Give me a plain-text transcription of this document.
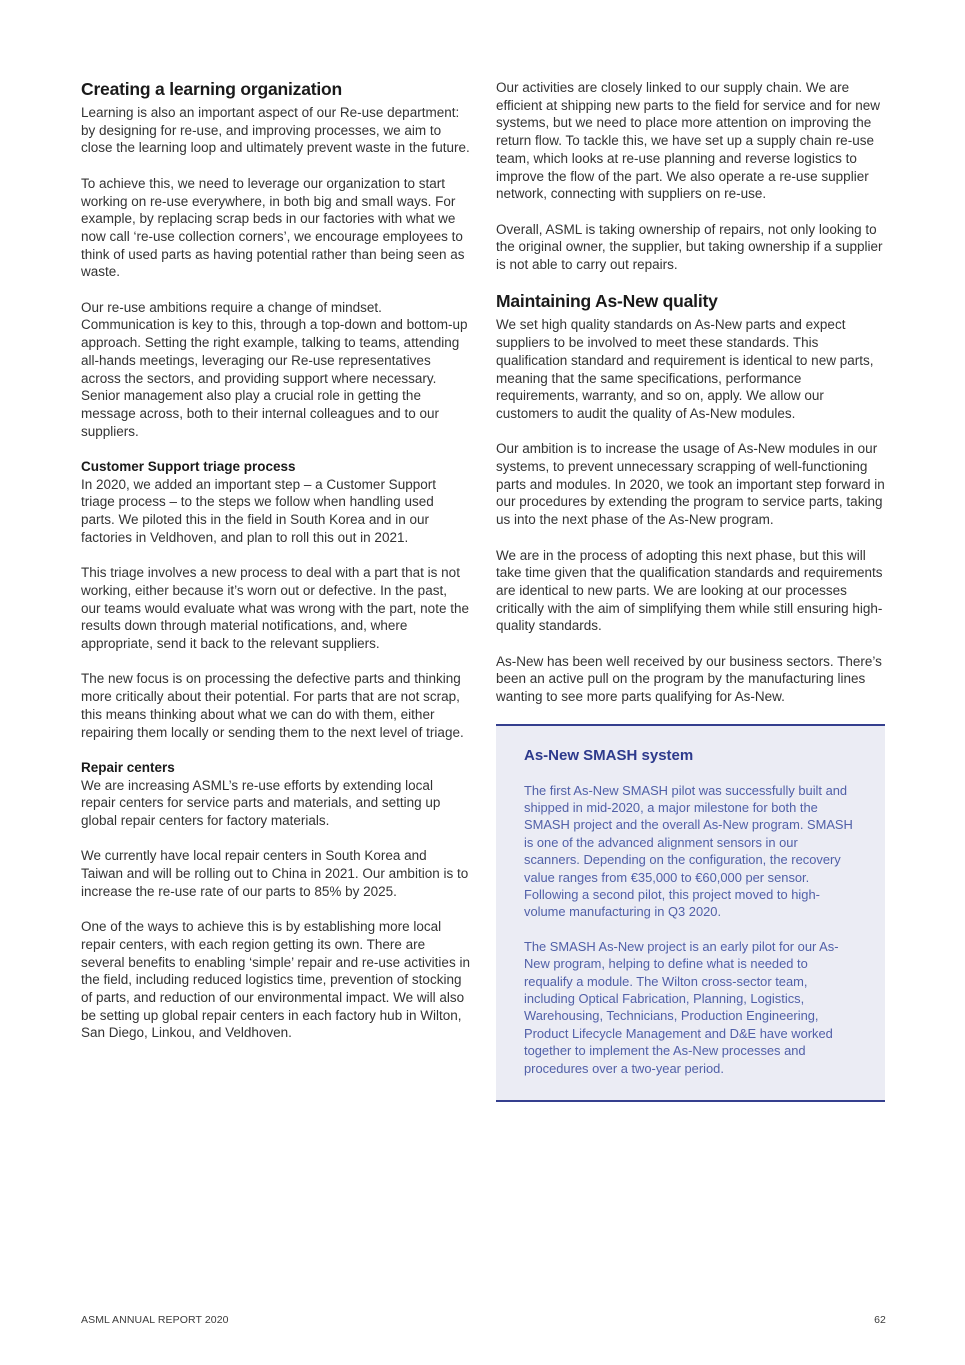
Creating a learning organization

Learning is also an important aspect of our Re-use department: by designing for re-use, and improving processes, we aim to close the learning loop and ultimately prevent waste in the future.

To achieve this, we need to leverage our organization to start working on re-use everywhere, in both big and small ways. For example, by replacing scrap beds in our factories with what we now call ‘re-use collection corners’, we encourage employees to think of used parts as having potential rather than being seen as waste.

Our re-use ambitions require a change of mindset. Communication is key to this, through a top-down and bottom-up approach. Setting the right example, talking to teams, attending all-hands meetings, leveraging our Re-use representatives across the sectors, and providing support where necessary. Senior management also play a crucial role in getting the message across, both to their internal colleagues and to our suppliers.

Customer Support triage process

In 2020, we added an important step – a Customer Support triage process – to the steps we follow when handling used parts. We piloted this in the field in South Korea and in our factories in Veldhoven, and plan to roll this out in 2021.

This triage involves a new process to deal with a part that is not working, either because it’s worn out or defective. In the past, our teams would evaluate what was wrong with the part, note the results down through material notifications, and, where appropriate, send it back to the relevant suppliers.

The new focus is on processing the defective parts and thinking more critically about their potential. For parts that are not scrap, this means thinking about what we can do with them, either repairing them locally or sending them to the next level of triage.

Repair centers

We are increasing ASML’s re-use efforts by extending local repair centers for service parts and materials, and setting up global repair centers for factory materials.

We currently have local repair centers in South Korea and Taiwan and will be rolling out to China in 2021. Our ambition is to increase the re-use rate of our parts to 85% by 2025.

One of the ways to achieve this is by establishing more local repair centers, with each region getting its own. There are several benefits to enabling ‘simple’ repair and re-use activities in the field, including reduced logistics time, prevention of stocking of parts, and reduction of our environmental impact. We will also be setting up global repair centers in each factory hub in Wilton, San Diego, Linkou, and Veldhoven.

Our activities are closely linked to our supply chain. We are efficient at shipping new parts to the field for service and for new systems, but we need to place more attention on improving the return flow. To tackle this, we have set up a supply chain re-use team, which looks at re-use planning and reverse logistics to improve the flow of the part. We also operate a re-use supplier network, connecting with suppliers on re-use.

Overall, ASML is taking ownership of repairs, not only looking to the original owner, the supplier, but taking ownership if a supplier is not able to carry out repairs.

Maintaining As-New quality

We set high quality standards on As-New parts and expect suppliers to be involved to meet these standards. This qualification standard and requirement is identical to new parts, meaning that the same specifications, performance requirements, warranty, and so on, apply. We allow our customers to audit the quality of As-New modules.

Our ambition is to increase the usage of As-New modules in our systems, to prevent unnecessary scrapping of well-functioning parts and modules. In 2020, we took an important step forward in our procedures by extending the program to service parts, taking us into the next phase of the As-New program.

We are in the process of adopting this next phase, but this will take time given that the qualification standards and requirements are identical to new parts. We are looking at our processes critically with the aim of simplifying them while still ensuring high-quality standards.

As-New has been well received by our business sectors. There’s been an active pull on the program by the manufacturing lines wanting to see more parts qualifying for As-New.

As-New SMASH system

The first As-New SMASH pilot was successfully built and shipped in mid-2020, a major milestone for both the SMASH project and the overall As-New program. SMASH is one of the advanced alignment sensors in our scanners. Depending on the configuration, the recovery value ranges from €35,000 to €60,000 per sensor. Following a second pilot, this project moved to high-volume manufacturing in Q3 2020.

The SMASH As-New project is an early pilot for our As-New program, helping to define what is needed to requalify a module. The Wilton cross-sector team, including Optical Fabrication, Planning, Logistics, Warehousing, Technicians, Production Engineering, Product Lifecycle Management and D&E have worked together to implement the As-New processes and procedures over a two-year period.

ASML ANNUAL REPORT 2020	62
